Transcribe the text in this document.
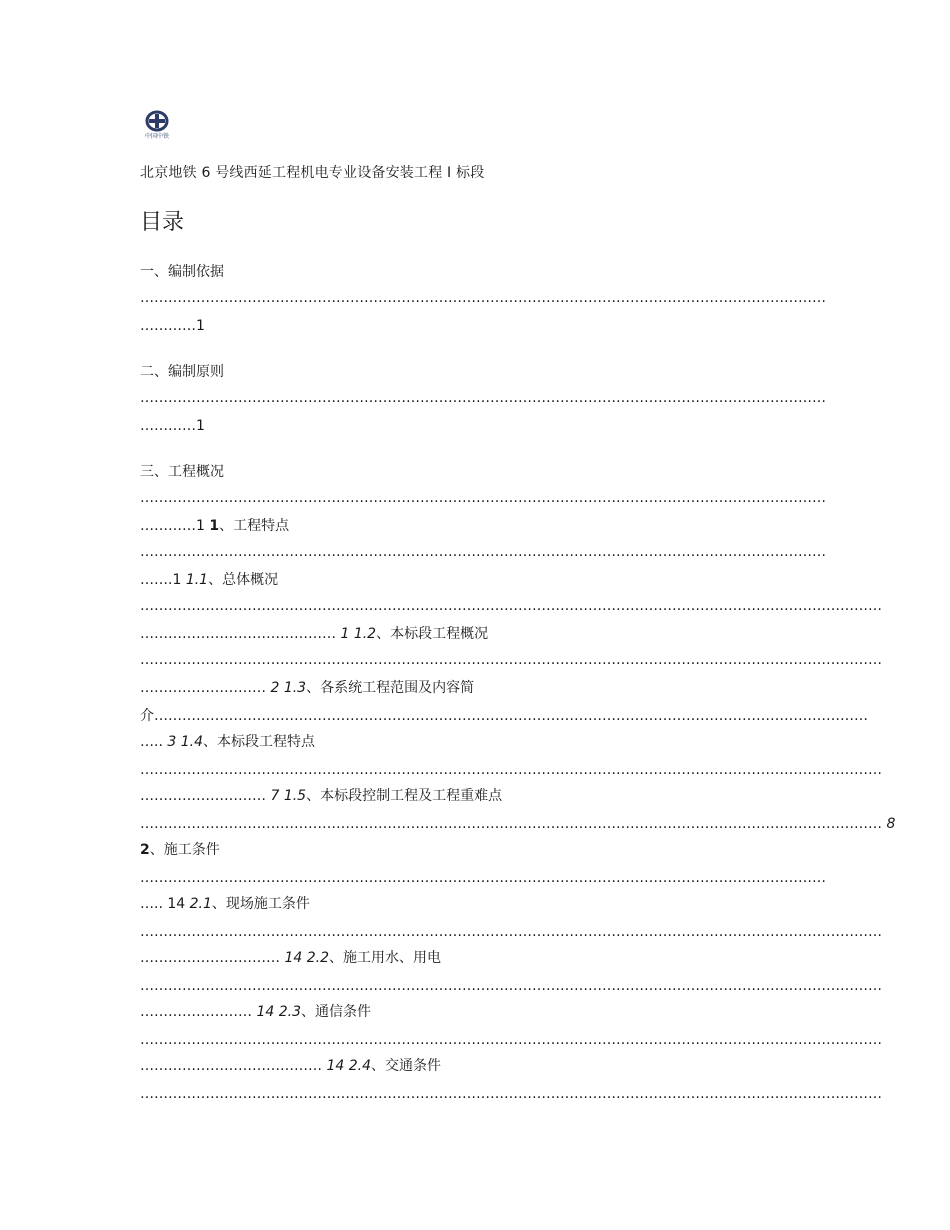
中国中铁
北京地铁 6 号线西延工程机电专业设备安装工程 I 标段
目录
一、编制依据
…………………………………………………………………………………………………………………………………
…………1
二、编制原则
…………………………………………………………………………………………………………………………………
…………1
三、工程概况
…………………………………………………………………………………………………………………………………
…………1 1、工程特点
…………………………………………………………………………………………………………………………………
…….1 1.1、总体概况
……………………………………………………………………………………………………………………………………………
…………………………………… 1 1.2、本标段工程概况
……………………………………………………………………………………………………………………………………………
……………………… 2 1.3、各系统工程范围及内容简
介………………………………………………………………………………………………………………………………………
….. 3 1.4、本标段工程特点
……………………………………………………………………………………………………………………………………………
……………………… 7 1.5、本标段控制工程及工程重难点
…………………………………………………………………………………………………………………………………………… 8
2、施工条件
…………………………………………………………………………………………………………………………………
….. 14 2.1、现场施工条件
……………………………………………………………………………………………………………………………………………
………………………… 14 2.2、施工用水、用电
……………………………………………………………………………………………………………………………………………
…………………… 14 2.3、通信条件
……………………………………………………………………………………………………………………………………………
………………………………… 14 2.4、交通条件
……………………………………………………………………………………………………………………………………………
